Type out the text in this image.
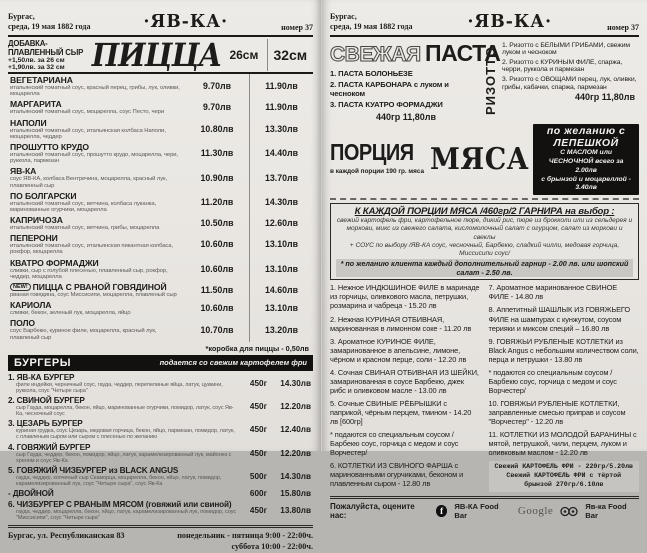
Бургас,
среда, 19 мая 1882 года	·ЯВ-КА·	номер 37
ДОБАВКА-ПЛАВЛЕННЫЙ СЫР
+1,50лв. за 26 см +1,90лв. за 32 см ПИЦЦА 26см	32см
ВЕГЕТАРИАНА
итальянский томатный соус, красный перец, грибы, лук, оливки, моцарелла
9.70лв	11.90лв
МАРГАРИТА
итальянский томатный соус, моцарелла, соус Песто, чери	9.70лв	11.90лв
НАПОЛИ
итальянский томатный соус, итальянская колбаса Наполи, моцарелла, чеддер
10.80лв	13.30лв
ПРОШУТТО КРУДО
итальянский томатный соус, прошутто крудо, моцарелла, чери, руккола, пармезан
11.30лв	14.40лв
ЯВ-КА
соус ЯВ-КА, колбаса Вентречина, моцарелла, красный лук, плавленный сыр
10.90лв	13.70лв
ПО БОЛГАРСКИ
итальянский томатный соус, ветчина, колбаса луканка, маринованные огурчики, моцарелла
11.20лв	14.30лв
КАПРИЧОЗА
итальянский томатный соус, ветчина, грибы, моцарелла	10.50лв	12.60лв
ПЕПЕРОНИ
итальянский томатный соус, итальянская пикантная колбаса, рокфор, моцарелла
10.60лв	13.10лв
КВАТРО ФОРМАДЖИ
сливки, сыр с голубой плесенью, плавленный сыр, рокфор, чеддер, моцарелла
10.60лв	13.10лв
NEW! ПИЦЦА С РВАНОЙ ГОВЯДИНОЙ
рваная говядина, соус Миссисипи, моцарелла, плавленый сыр	11.50лв	14.60лв
КАРИОЛА
сливки, бекон, зеленый лук, моцарелла, яйцо	10.60лв	13.10лв
ПОЛО
соус Барбекю, куриное филе, моцарелла, красный лук, плавленый сыр
10.70лв	13.20лв
*коробка для пиццы - 0,50лв
БУРГЕРЫ	подается со свежим картофелем фри
1. ЯВ-КА БУРГЕР
филе индейки, черничный соус, гауда, чеддер, перепелиные яйца, латук, цуккини, руккола, соус "Четыре сыра"
450г	14.30лв
2. СВИНОЙ БУРГЕР
сыр Гауда, моцарелла, бекон, яйцо, маринованные огурчики, помидор, латук, соус Яв-Ка, чесночный соус
450г	12.20лв
3. ЦЕЗАРЬ БУРГЕР
куриная грудка, соус Цезарь, медовая горчица, бекон, яйцо, пармезан, помидор, латук, с плавленым сыром или сыром с плесенью по желанию
450г	12.40лв
4. ГОВЯЖИЙ БУРГЕР
сыр Гауда, чеддер, бекон, помидор, яйцо, латук, карамелизированный лук, майонез с хреном и соус Яв-Ка
450г	12.20лв
5. ГОВЯЖИЙ ЧИЗБУРГЕР из BLACK ANGUS
гауда, чеддер, копченый сыр Скаморца, моцарелла, бекон, яйцо, латук, помидор, карамелизированный лук, соус "Четыре сыра", соус Яв-Ка
500г	14.30лв
- ДВОЙНОЙ	600г	15.80лв
6. ЧИЗБУРГЕР С РВАНЫМ МЯСОМ (говяжий или свиной)
гауда, чеддер, моцарелла, бекон, яйцо, латук, карамелизированный лук, помидор, соус "Миссисипи", соус "Четыре сыра"
450г	13.80лв
Бургас, ул. Республиканская 83	понедельник - пятница 9:00 - 22:00ч.
суббота 10:00 - 22:00ч.
Бургас,
среда, 19 мая 1882 года	·ЯВ-КА·	номер 37
СВЕЖАЯ ПАСТА
1. ПАСТА БОЛОНЬЕЗЕ
2. ПАСТА КАРБОНАРА с луком и чесноком
3. ПАСТА КУАТРО ФОРМАДЖИ
440гр 11,80лв
РИЗОТТО
1. Ризотто с БЕЛЫМИ ГРИБАМИ, свежим луком и чесноком
2. Ризотто с КУРИНЫМ ФИЛЕ, спаржа, черри, руккола и пармезан
3. Ризотто с ОВОЩАМИ перец, лук, оливки, грибы, кабачки, спаржа, пармезан
440гр 11,80лв
ПОРЦИЯ
в каждой порции 190 гр. мяса МЯСА
по желанию с ЛЕПЕШКОЙ
С МАСЛОМ или ЧЕСНОЧНОЙ всего за 2.00лв
с брынзой и моцареллой - 3.40лв
К КАЖДОЙ ПОРЦИИ МЯСА /460гр/2 ГАРНИРА на выбор :
свежий картофель фри, картофельное пюре, дикий рис, пюре из брокколи или из сельдерея и моркови, микс из свежего салата, кисломолочный салат с огурцом, салат из моркови и свеклы
+ СОУС по выбору /ЯВ-КА соус, чесночный, Барбекю, сладкий чилли, медовая горчица, Миссисипи соус/
* по желанию клиента каждый дополнительный гарнир - 2.00 лв. или шопский салат - 2.50 лв.

1. Нежное ИНДЮШИНОЕ ФИЛЕ в маринаде из горчицы, оливкового масла, петрушки, розмарина и чабреца - 15.20 лв

2. Нежная КУРИНАЯ ОТБИВНАЯ, маринованная в лимонном соке - 11.20 лв

3. Ароматное КУРИНОЕ ФИЛЕ, замаринованное в апельсине, лимоне, чёрном и красном перце, соли - 12.20 лв

4. Сочная СВИНАЯ ОТБИВНАЯ ИЗ ШЕЙКИ, замаринованная в соусе Барбекю, джек рибс и оливковом масле - 13.00 лв

5. Сочные СВИНЫЕ РЁБРЫШКИ с паприкой, чёрным перцем, тмином - 14.20 лв [600гр]

* подаются со специальным соусом /Барбекю соус, горчица с медом и соус Ворчестер/

6. КОТЛЕТКИ ИЗ СВИНОГО ФАРША с маринованными огурчиками, беконом и плавленным сыром - 12.80 лв

7. Ароматное маринованное СВИНОЕ ФИЛЕ - 14.80 лв

8. Аппетитный ШАШЛЫК ИЗ ГОВЯЖЬЕГО ФИЛЕ на шампурах с кунжутом, соусом терияки и миксом специй – 16.80 лв

9. ГОВЯЖЬИ РУБЛЕНЫЕ КОТЛЕТКИ из Black Angus с небольшим количеством соли, перца и петрушки - 13.80 лв

* подаются со специальным соусом /Барбекю соус, горчица с медом и соус Ворчестер/

10. ГОВЯЖЬИ РУБЛЕНЫЕ КОТЛЕТКИ, заправленные смесью приправ и соусом "Ворчестер" - 12.20 лв

11. КОТЛЕТКИ ИЗ МОЛОДОЙ БАРАНИНЫ с мятой, петрушкой, чили, перцем, луком и оливковым маслом - 12.20 лв

Свежий КАРТОФЕЛЬ ФРИ - 220гр/5.20лв
Свежий КАРТОФЕЛЬ ФРИ с тёртой брынзой 270гр/6.10лв
Пожалуйста, оцените нас:	f	ЯВ-КА Food Bar	Google	Яв-ка Food Bar
